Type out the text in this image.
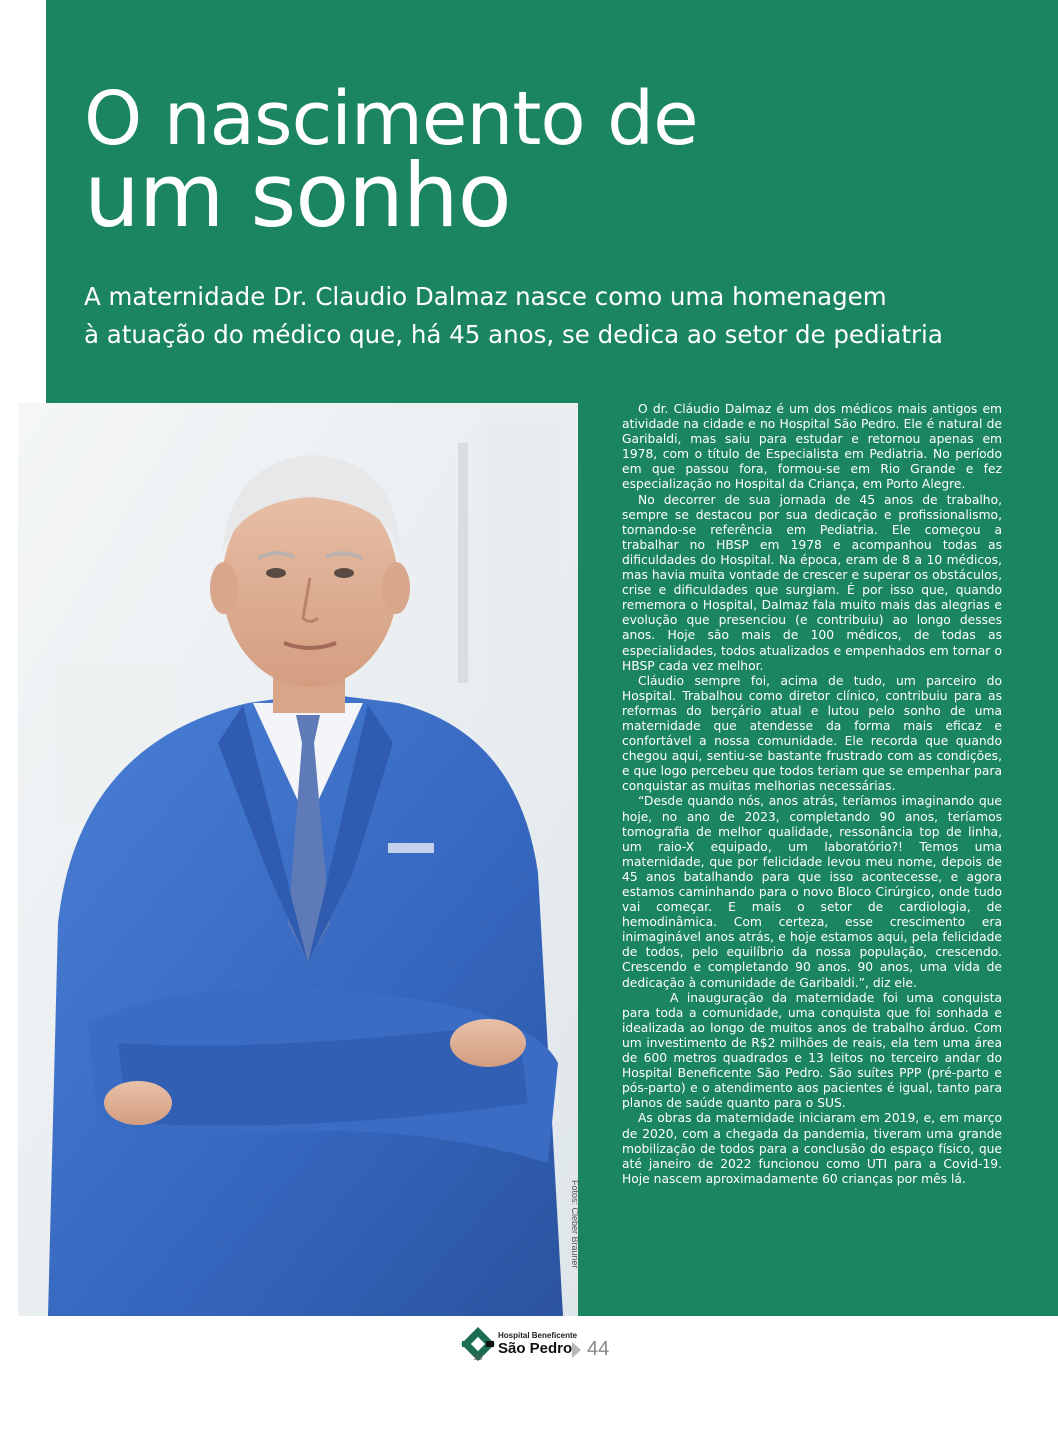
O nascimento de
um sonho

A maternidade Dr. Claudio Dalmaz nasce como uma homenagem
à atuação do médico que, há 45 anos, se dedica ao setor de pediatria

Fotos: Cleber Brauner

O dr. Cláudio Dalmaz é um dos médicos mais antigos em atividade na cidade e no Hospital São Pedro. Ele é natural de Garibaldi, mas saiu para estudar e retornou apenas em 1978, com o título de Especialista em Pediatria. No período em que passou fora, formou-se em Rio Grande e fez especialização no Hospital da Criança, em Porto Alegre.

No decorrer de sua jornada de 45 anos de trabalho, sempre se destacou por sua dedicação e profissionalismo, tornando-se referência em Pediatria. Ele começou a trabalhar no HBSP em 1978 e acompanhou todas as dificuldades do Hospital. Na época, eram de 8 a 10 médicos, mas havia muita vontade de crescer e superar os obstáculos, crise e dificuldades que surgiam. É por isso que, quando rememora o Hospital, Dalmaz fala muito mais das alegrias e evolução que presenciou (e contribuiu) ao longo desses anos. Hoje são mais de 100 médicos, de todas as especialidades, todos atualizados e empenhados em tornar o HBSP cada vez melhor.

Cláudio sempre foi, acima de tudo, um parceiro do Hospital. Trabalhou como diretor clínico, contribuiu para as reformas do berçário atual e lutou pelo sonho de uma maternidade que atendesse da forma mais eficaz e confortável a nossa comunidade. Ele recorda que quando chegou aqui, sentiu-se bastante frustrado com as condições, e que logo percebeu que todos teriam que se empenhar para conquistar as muitas melhorias necessárias.

“Desde quando nós, anos atrás, teríamos imaginando que hoje, no ano de 2023, completando 90 anos, teríamos tomografia de melhor qualidade, ressonância top de linha, um raio-X equipado, um laboratório?! Temos uma maternidade, que por felicidade levou meu nome, depois de 45 anos batalhando para que isso acontecesse, e agora estamos caminhando para o novo Bloco Cirúrgico, onde tudo vai começar. E mais o setor de cardiologia, de hemodinâmica. Com certeza, esse crescimento era inimaginável anos atrás, e hoje estamos aqui, pela felicidade de todos, pelo equilíbrio da nossa população, crescendo. Crescendo e completando 90 anos. 90 anos, uma vida de dedicação à comunidade de Garibaldi.”, diz ele.

A inauguração da maternidade foi uma conquista para toda a comunidade, uma conquista que foi sonhada e idealizada ao longo de muitos anos de trabalho árduo. Com um investimento de R$2 milhões de reais, ela tem uma área de 600 metros quadrados e 13 leitos no terceiro andar do Hospital Beneficente São Pedro. São suítes PPP (pré-parto e pós-parto) e o atendimento aos pacientes é igual, tanto para planos de saúde quanto para o SUS.

As obras da maternidade iniciaram em 2019, e, em março de 2020, com a chegada da pandemia, tiveram uma grande mobilização de todos para a conclusão do espaço físico, que até janeiro de 2022 funcionou como UTI para a Covid-19. Hoje nascem aproximadamente 60 crianças por mês lá.

90
Hospital Beneficente
São Pedro 44
